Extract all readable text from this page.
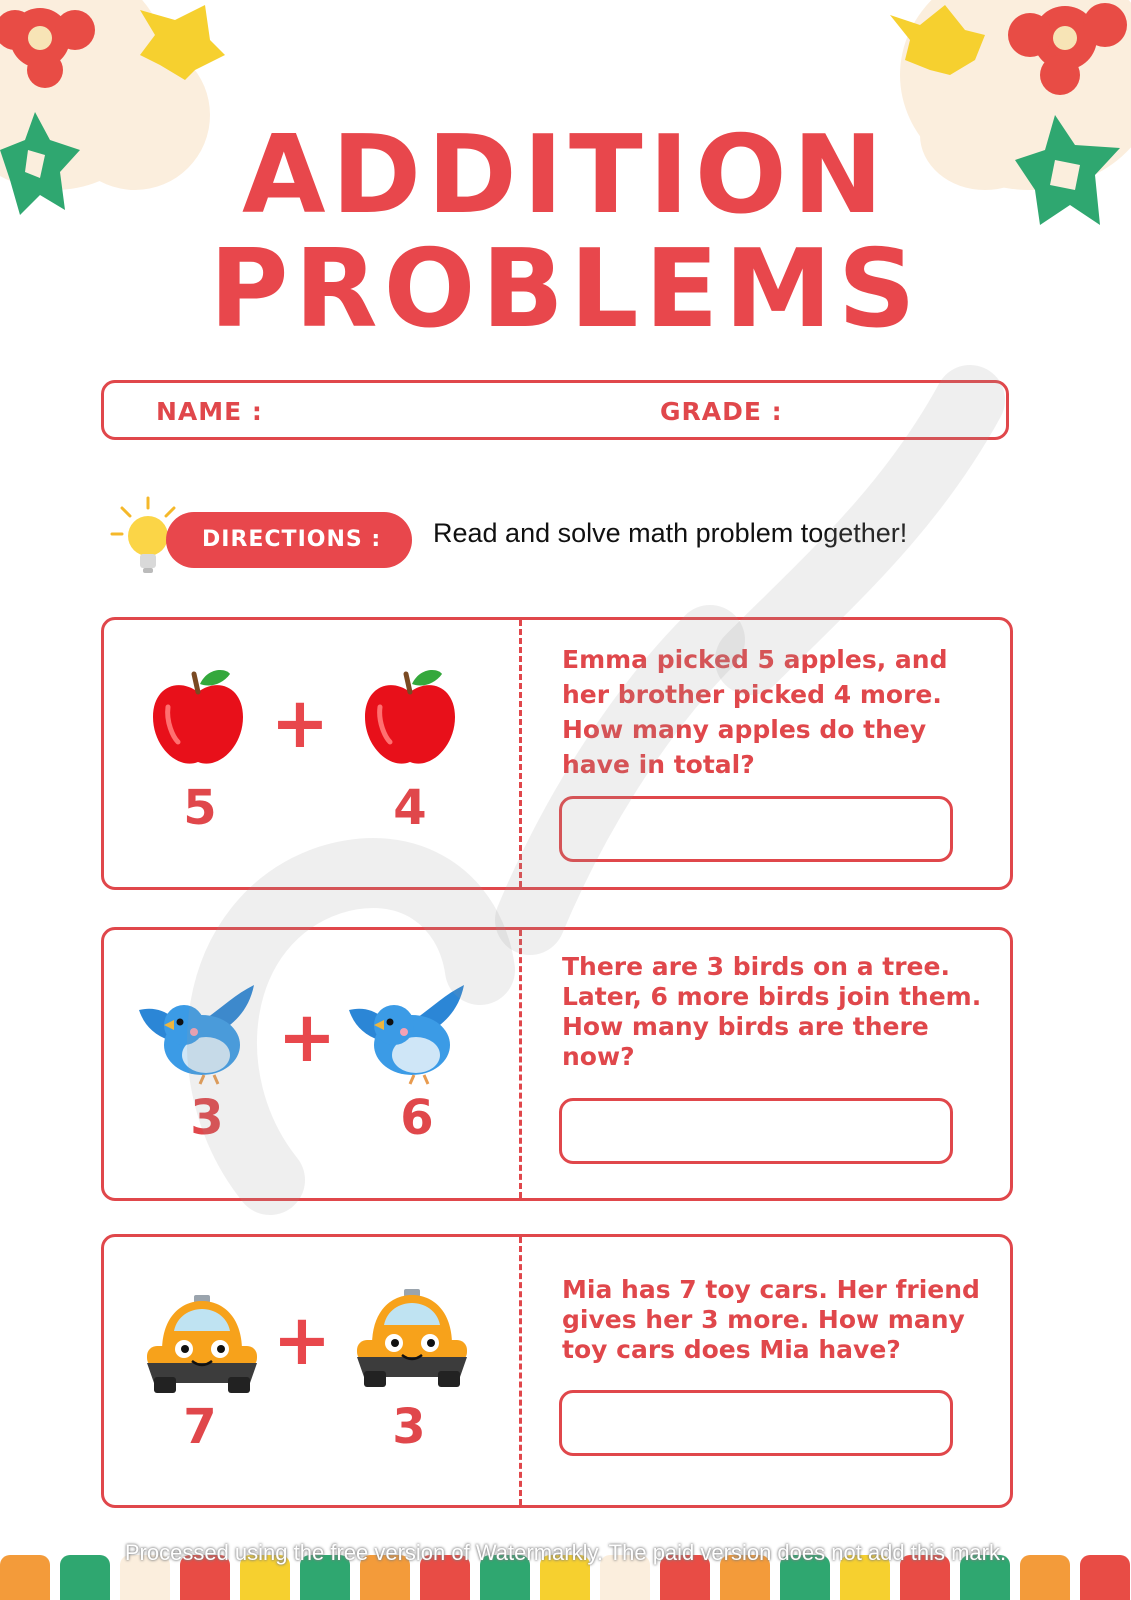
ADDITION
PROBLEMS
NAME :	GRADE :
DIRECTIONS : Read and solve math problem together!
+
5	4
Emma picked 5 apples, and
her brother picked 4 more.
How many apples do they
have in total?
+
3	6
There are 3 birds on a tree.
Later, 6 more birds join them.
How many birds are there
now?
+
7	3
Mia has 7 toy cars. Her friend
gives her 3 more. How many
toy cars does Mia have?
Processed using the free version of Watermarkly. The paid version does not add this mark.
